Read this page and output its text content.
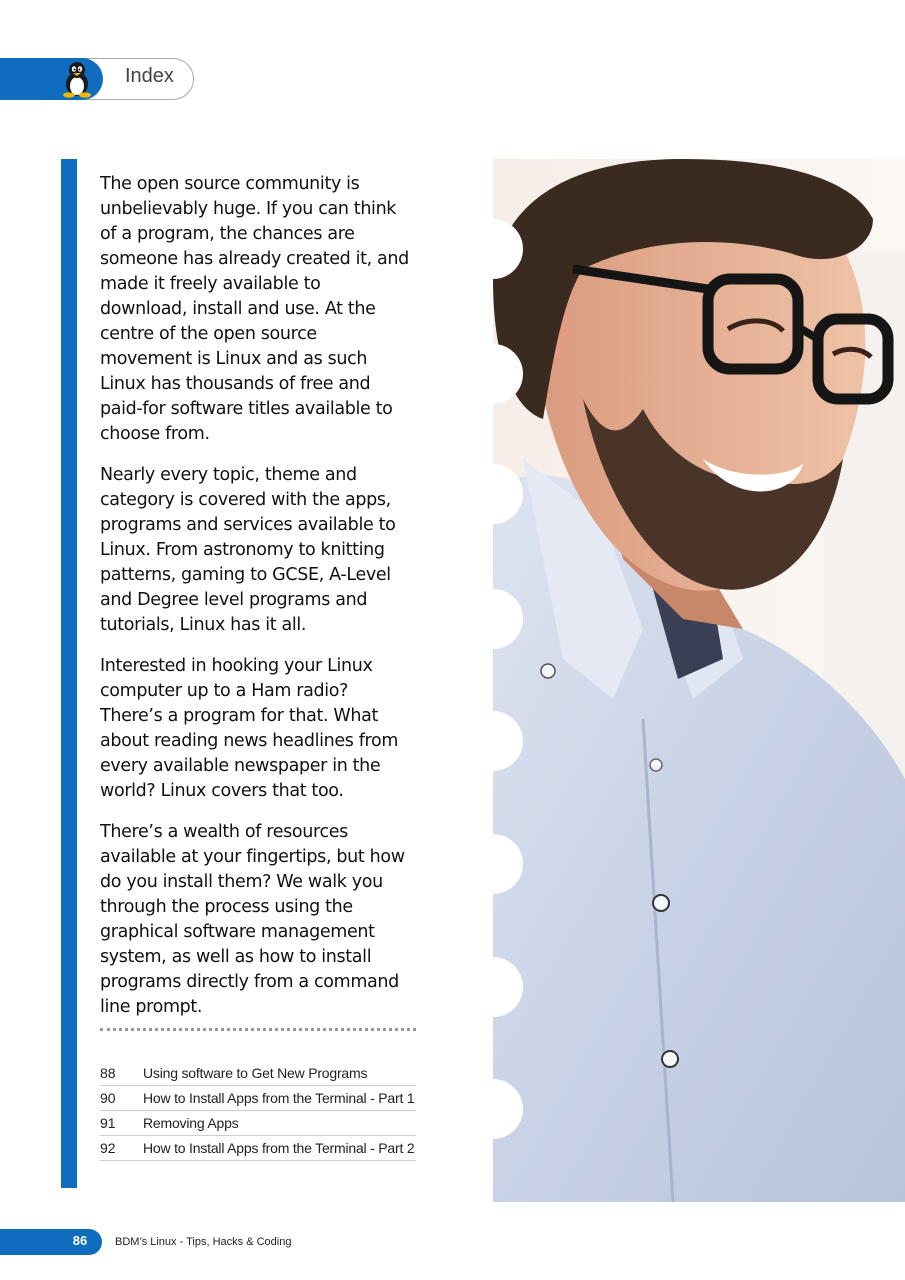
Index

The open source community is unbelievably huge. If you can think of a program, the chances are someone has already created it, and made it freely available to download, install and use. At the centre of the open source movement is Linux and as such Linux has thousands of free and paid-for software titles available to choose from.

Nearly every topic, theme and category is covered with the apps, programs and services available to Linux. From astronomy to knitting patterns, gaming to GCSE, A-Level and Degree level programs and tutorials, Linux has it all.

Interested in hooking your Linux computer up to a Ham radio? There’s a program for that. What about reading news headlines from every available newspaper in the world? Linux covers that too.

There’s a wealth of resources available at your fingertips, but how do you install them? We walk you through the process using the graphical software management system, as well as how to install programs directly from a command line prompt.

88	Using software to Get New Programs
90	How to Install Apps from the Terminal - Part 1
91	Removing Apps
92	How to Install Apps from the Terminal - Part 2
86	BDM’s Linux - Tips, Hacks & Coding
